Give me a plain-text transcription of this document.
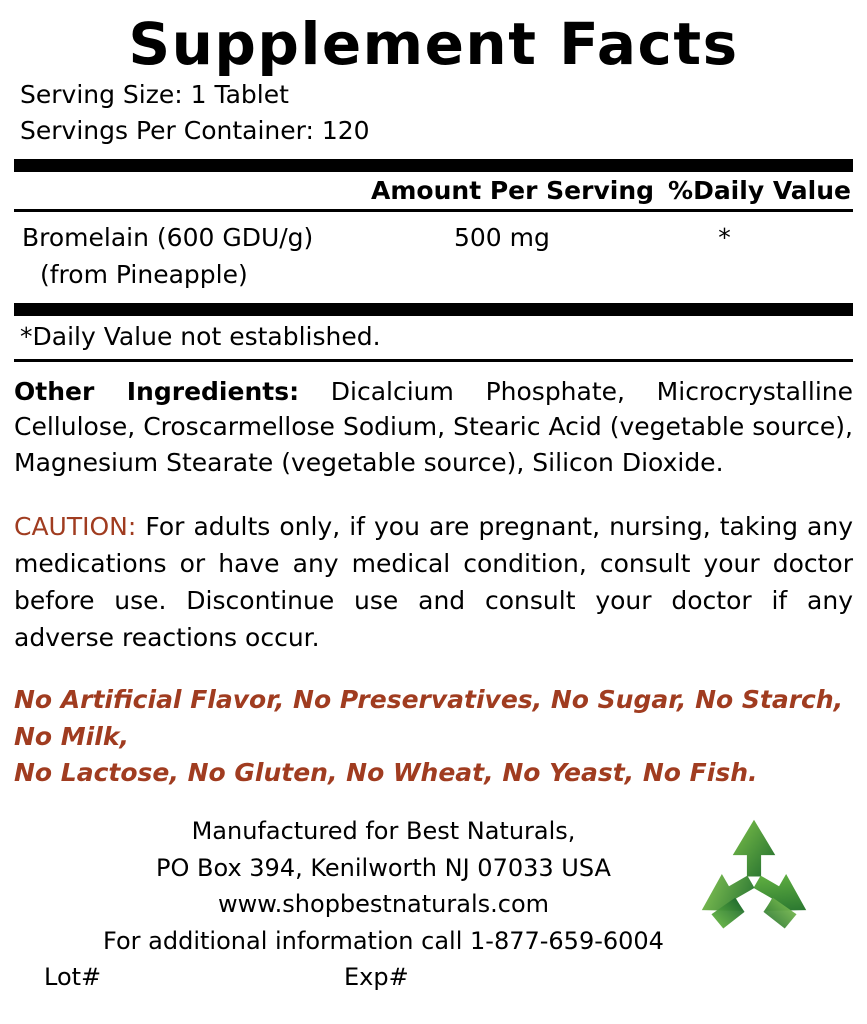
Supplement Facts
Serving Size: 1 Tablet
Servings Per Container: 120
Amount Per Serving %Daily Value
Bromelain (600 GDU/g)
(from Pineapple)
500 mg	*
*Daily Value not established.
Other Ingredients: Dicalcium Phosphate, Microcrystalline Cellulose, Croscarmellose Sodium, Stearic Acid (vegetable source), Magnesium Stearate (vegetable source), Silicon Dioxide.
CAUTION: For adults only, if you are pregnant, nursing, taking any medications or have any medical condition, consult your doctor before use. Discontinue use and consult your doctor if any adverse reactions occur.
No Artificial Flavor, No Preservatives, No Sugar, No Starch, No Milk,
No Lactose, No Gluten, No Wheat, No Yeast, No Fish.
Manufactured for Best Naturals,
PO Box 394, Kenilworth NJ 07033 USA
www.shopbestnaturals.com
For additional information call 1-877-659-6004
Lot#	Exp#
